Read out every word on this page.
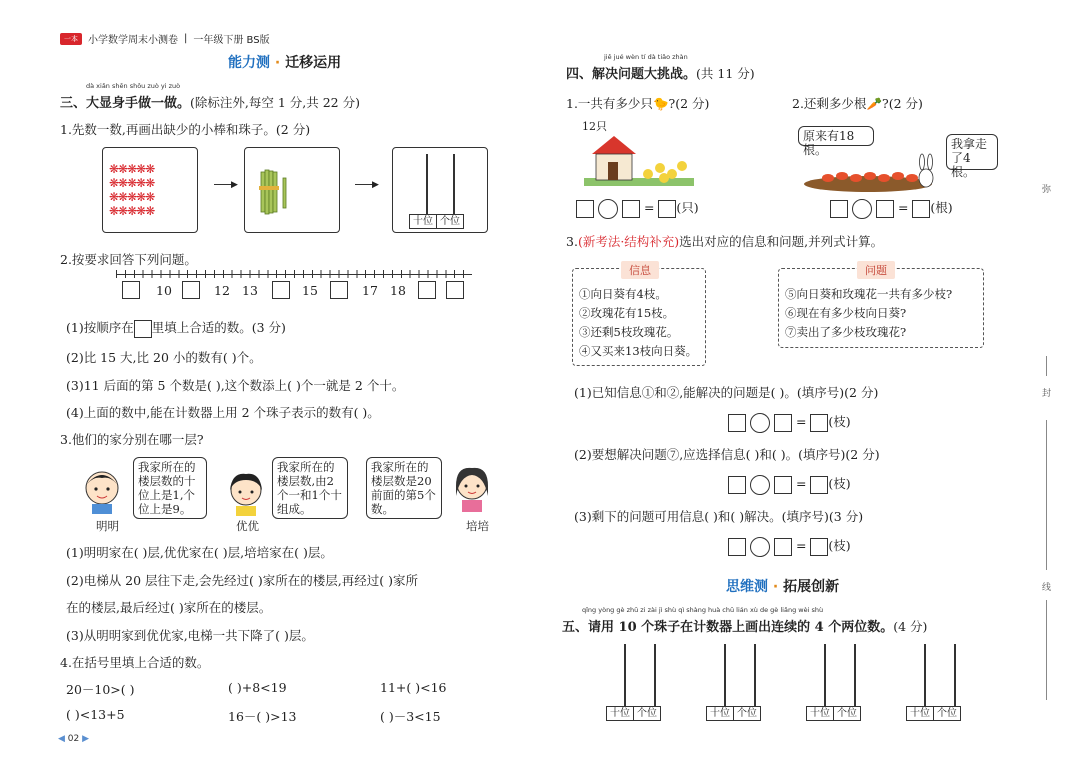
一本	小学数学周末小测卷 | 一年级下册 BS版
能力测 · 迁移运用
dà xiǎn shēn shǒu zuò yi zuò
三、大显身手做一做。(除标注外,每空 1 分,共 22 分)
1.先数一数,再画出缺少的小棒和珠子。(2 分)
❋❋❋❋❋
❋❋❋❋❋
❋❋❋❋❋
❋❋❋❋❋
▶	▶
十位 个位
2.按要求回答下列问题。
10	12 13	15	17 18
(1)按顺序在 里填上合适的数。(3 分)
(2)比 15 大,比 20 小的数有( )个。
(3)11 后面的第 5 个数是( ),这个数添上( )个一就是 2 个十。
(4)上面的数中,能在计数器上用 2 个珠子表示的数有( )。
3.他们的家分别在哪一层?
我家所在的楼层数的十位上是1,个位上是9。
明明
我家所在的楼层数,由2个一和1个十组成。
优优
我家所在的楼层数是20前面的第5个数。
培培
(1)明明家在( )层,优优家在( )层,培培家在( )层。
(2)电梯从 20 层往下走,会先经过( )家所在的楼层,再经过( )家所
在的楼层,最后经过( )家所在的楼层。
(3)从明明家到优优家,电梯一共下降了( )层。
4.在括号里填上合适的数。
20－10>( )	( )+8<19	11+( )<16
( )<13+5	16－( )>13	( )－3<15
◀ 02 ▶
jiě jué wèn tí dà tiǎo zhàn
四、解决问题大挑战。(共 11 分)
1.一共有多少只🐤?(2 分)	2.还剩多少根🥕?(2 分)
12只
= (只)
原来有18根。	我拿走了4根。
= (根)
3.(新考法·结构补充)选出对应的信息和问题,并列式计算。
信息
①向日葵有4枝。
②玫瑰花有15枝。
③还剩5枝玫瑰花。
④又买来13枝向日葵。
问题
⑤向日葵和玫瑰花一共有多少枝?
⑥现在有多少枝向日葵?
⑦卖出了多少枝玫瑰花?
(1)已知信息①和②,能解决的问题是( )。(填序号)(2 分)
= (枝)
(2)要想解决问题⑦,应选择信息( )和( )。(填序号)(2 分)
= (枝)
(3)剩下的问题可用信息( )和( )解决。(填序号)(3 分)
= (枝)
思维测 · 拓展创新
qǐng yòng gè zhū zi zài jì shù qì shàng huà chū lián xù de gè liǎng wèi shù
五、请用 10 个珠子在计数器上画出连续的 4 个两位数。(4 分)
十位 个位	十位 个位	十位 个位	十位 个位
弥
封
线
